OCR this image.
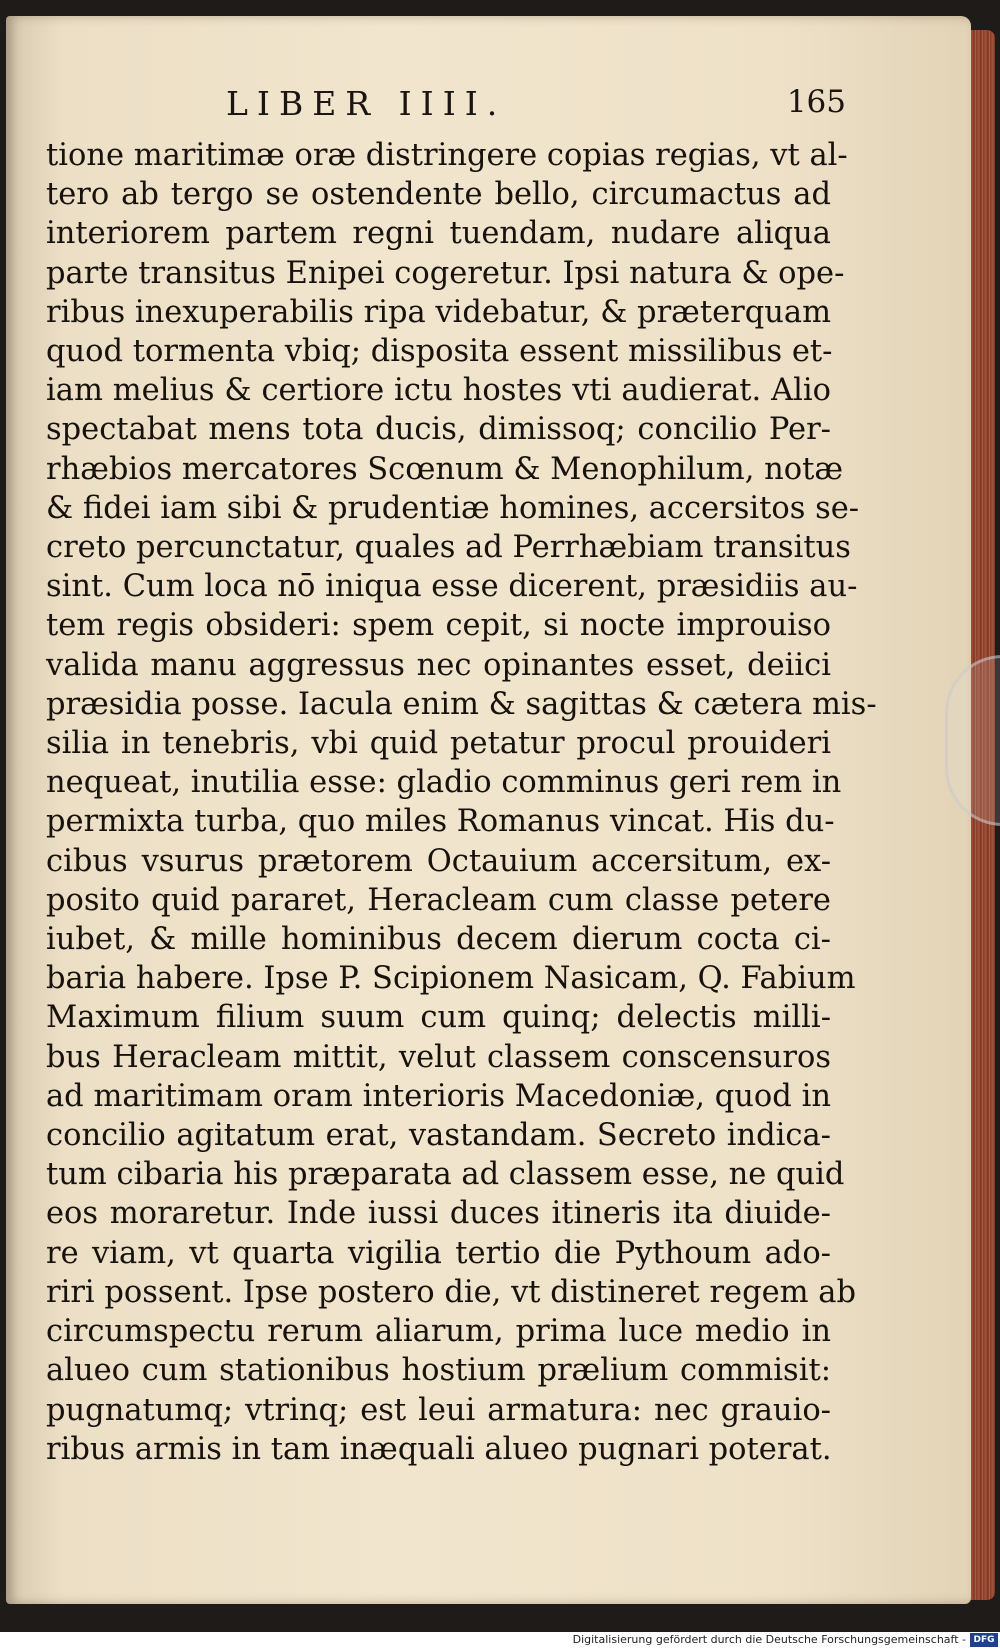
LIBER IIII.	165
tione maritimæ oræ distringere copias regias, vt al-
tero ab tergo se ostendente bello, circumactus ad
interiorem partem regni tuendam, nudare aliqua
parte transitus Enipei cogeretur. Ipsi natura & ope-
ribus inexuperabilis ripa videbatur, & præterquam
quod tormenta vbiq; disposita essent missilibus et-
iam melius & certiore ictu hostes vti audierat. Alio
spectabat mens tota ducis, dimissoq; concilio Per-
rhæbios mercatores Scœnum & Menophilum, notæ
& fidei iam sibi & prudentiæ homines, accersitos se-
creto percunctatur, quales ad Perrhæbiam transitus
sint. Cum loca nō iniqua esse dicerent, præsidiis au-
tem regis obsideri: spem cepit, si nocte improuiso
valida manu aggressus nec opinantes esset, deiici
præsidia posse. Iacula enim & sagittas & cætera mis-
silia in tenebris, vbi quid petatur procul prouideri
nequeat, inutilia esse: gladio comminus geri rem in
permixta turba, quo miles Romanus vincat. His du-
cibus vsurus prætorem Octauium accersitum, ex-
posito quid pararet, Heracleam cum classe petere
iubet, & mille hominibus decem dierum cocta ci-
baria habere. Ipse P. Scipionem Nasicam, Q. Fabium
Maximum filium suum cum quinq; delectis milli-
bus Heracleam mittit, velut classem conscensuros
ad maritimam oram interioris Macedoniæ, quod in
concilio agitatum erat, vastandam. Secreto indica-
tum cibaria his præparata ad classem esse, ne quid
eos moraretur. Inde iussi duces itineris ita diuide-
re viam, vt quarta vigilia tertio die Pythoum ado-
riri possent. Ipse postero die, vt distineret regem ab
circumspectu rerum aliarum, prima luce medio in
alueo cum stationibus hostium prælium commisit:
pugnatumq; vtrinq; est leui armatura: nec grauio-
ribus armis in tam inæquali alueo pugnari poterat.
Digitalisierung gefördert durch die Deutsche Forschungsgemeinschaft - DFG
